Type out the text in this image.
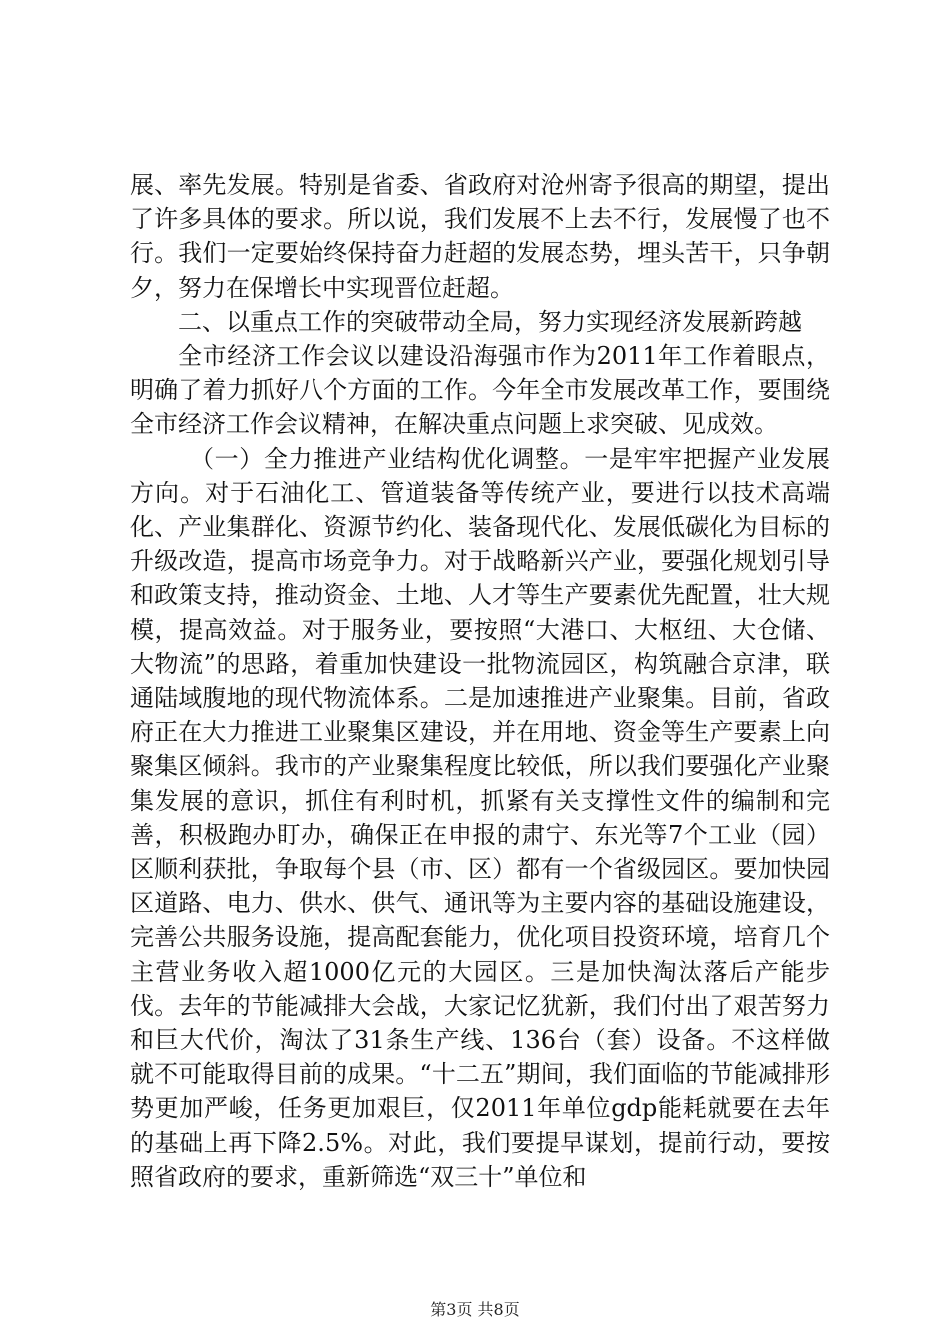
展、率先发展。特别是省委、省政府对沧州寄予很高的期望，提出了许多具体的要求。所以说，我们发展不上去不行，发展慢了也不行。我们一定要始终保持奋力赶超的发展态势，埋头苦干，只争朝夕，努力在保增长中实现晋位赶超。

二、以重点工作的突破带动全局，努力实现经济发展新跨越

全市经济工作会议以建设沿海强市作为2011年工作着眼点，明确了着力抓好八个方面的工作。今年全市发展改革工作，要围绕全市经济工作会议精神，在解决重点问题上求突破、见成效。

（一）全力推进产业结构优化调整。一是牢牢把握产业发展方向。对于石油化工、管道装备等传统产业，要进行以技术高端化、产业集群化、资源节约化、装备现代化、发展低碳化为目标的升级改造，提高市场竞争力。对于战略新兴产业，要强化规划引导和政策支持，推动资金、土地、人才等生产要素优先配置，壮大规模，提高效益。对于服务业，要按照“大港口、大枢纽、大仓储、大物流”的思路，着重加快建设一批物流园区，构筑融合京津，联通陆域腹地的现代物流体系。二是加速推进产业聚集。目前，省政府正在大力推进工业聚集区建设，并在用地、资金等生产要素上向聚集区倾斜。我市的产业聚集程度比较低，所以我们要强化产业聚集发展的意识，抓住有利时机，抓紧有关支撑性文件的编制和完善，积极跑办盯办，确保正在申报的肃宁、东光等7个工业（园）区顺利获批，争取每个县（市、区）都有一个省级园区。要加快园区道路、电力、供水、供气、通讯等为主要内容的基础设施建设，完善公共服务设施，提高配套能力，优化项目投资环境，培育几个主营业务收入超1000亿元的大园区。三是加快淘汰落后产能步伐。去年的节能减排大会战，大家记忆犹新，我们付出了艰苦努力和巨大代价，淘汰了31条生产线、136台（套）设备。不这样做就不可能取得目前的成果。“十二五”期间，我们面临的节能减排形势更加严峻，任务更加艰巨，仅2011年单位gdp能耗就要在去年的基础上再下降2.5%。对此，我们要提早谋划，提前行动，要按照省政府的要求，重新筛选“双三十”单位和

第3页 共8页
